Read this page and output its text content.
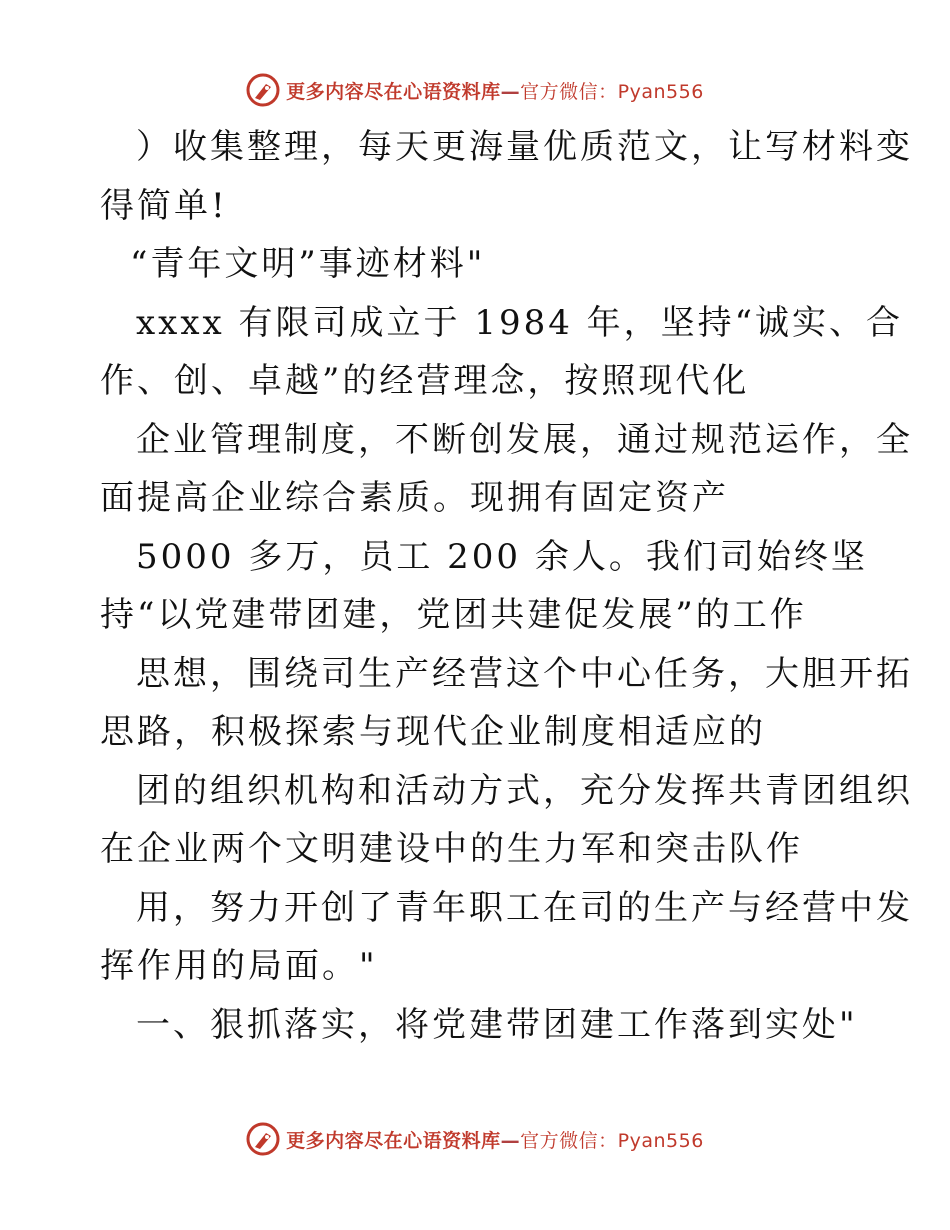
更多内容尽在心语资料库—官方微信：Pyan556
）收集整理，每天更海量优质范文，让写材料变
得简单!
“青年文明”事迹材料"
xxxx 有限司成立于 1984 年，坚持“诚实、合
作、创、卓越”的经营理念，按照现代化
企业管理制度，不断创发展，通过规范运作，全
面提高企业综合素质。现拥有固定资产
5000 多万，员工 200 余人。我们司始终坚
持“以党建带团建，党团共建促发展”的工作
思想，围绕司生产经营这个中心任务，大胆开拓
思路，积极探索与现代企业制度相适应的
团的组织机构和活动方式，充分发挥共青团组织
在企业两个文明建设中的生力军和突击队作
用，努力开创了青年职工在司的生产与经营中发
挥作用的局面。"
一、狠抓落实，将党建带团建工作落到实处"
更多内容尽在心语资料库—官方微信：Pyan556
